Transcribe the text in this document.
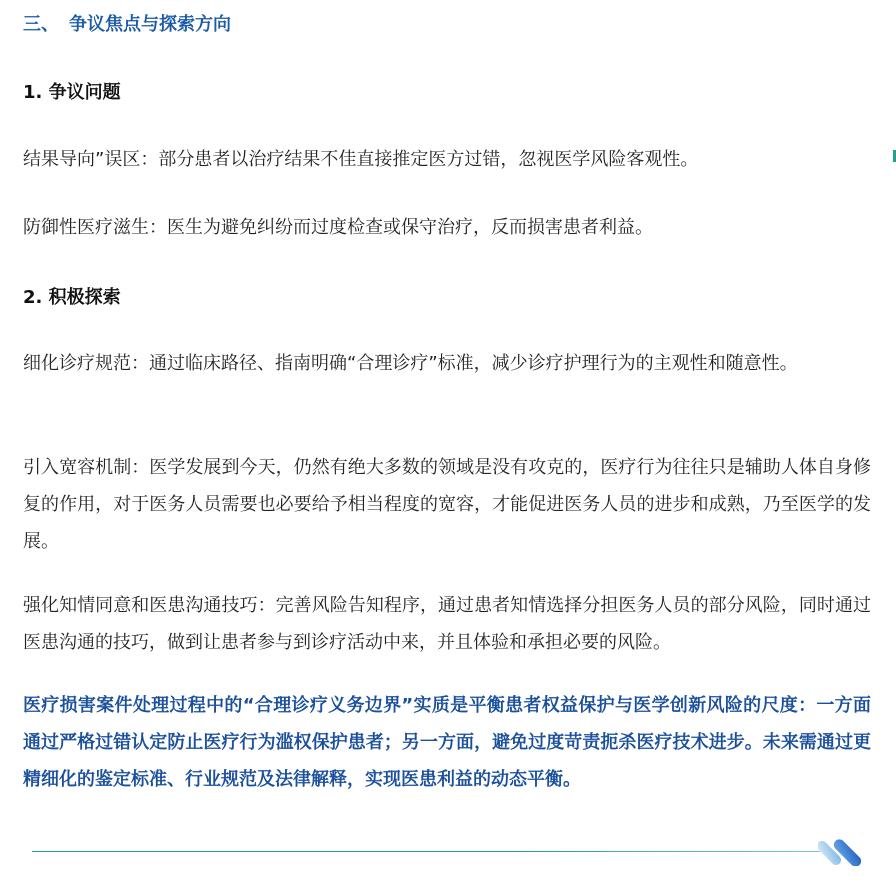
三、 争议焦点与探索方向
1. 争议问题
结果导向”误区：部分患者以治疗结果不佳直接推定医方过错，忽视医学风险客观性。
防御性医疗滋生：医生为避免纠纷而过度检查或保守治疗，反而损害患者利益。
2. 积极探索
细化诊疗规范：通过临床路径、指南明确“合理诊疗”标准，减少诊疗护理行为的主观性和随意性。
引入宽容机制：医学发展到今天，仍然有绝大多数的领域是没有攻克的，医疗行为往往只是辅助人体自身修复的作用，对于医务人员需要也必要给予相当程度的宽容，才能促进医务人员的进步和成熟，乃至医学的发展。
强化知情同意和医患沟通技巧：完善风险告知程序，通过患者知情选择分担医务人员的部分风险，同时通过医患沟通的技巧，做到让患者参与到诊疗活动中来，并且体验和承担必要的风险。
医疗损害案件处理过程中的“合理诊疗义务边界”实质是平衡患者权益保护与医学创新风险的尺度：一方面通过严格过错认定防止医疗行为滥权保护患者；另一方面，避免过度苛责扼杀医疗技术进步。未来需通过更精细化的鉴定标准、行业规范及法律解释，实现医患利益的动态平衡。
